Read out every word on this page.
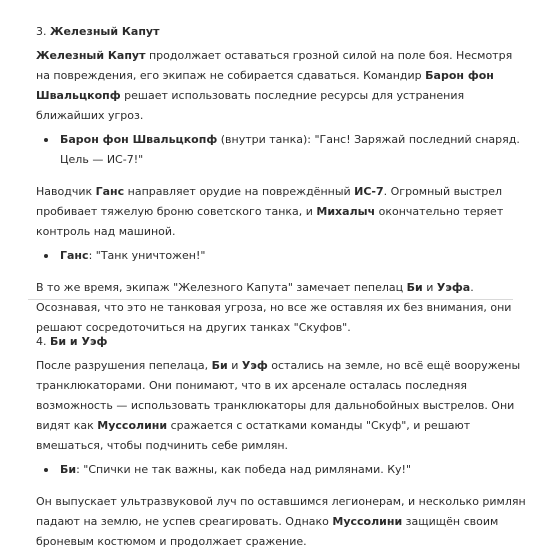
3. Железный Капут

Железный Капут продолжает оставаться грозной силой на поле боя. Несмотря на повреждения, его экипаж не собирается сдаваться. Командир Барон фон Швальцкопф решает использовать последние ресурсы для устранения ближайших угроз.

Барон фон Швальцкопф (внутри танка): "Ганс! Заряжай последний снаряд. Цель — ИС-7!"

Наводчик Ганс направляет орудие на повреждённый ИС-7. Огромный выстрел пробивает тяжелую броню советского танка, и Михалыч окончательно теряет контроль над машиной.

Ганс: "Танк уничтожен!"

В то же время, экипаж "Железного Капута" замечает пепелац Би и Уэфа. Осознавая, что это не танковая угроза, но все же оставляя их без внимания, они решают сосредоточиться на других танках "Скуфов".

4. Би и Уэф

После разрушения пепелаца, Би и Уэф остались на земле, но всё ещё вооружены транклюкаторами. Они понимают, что в их арсенале осталась последняя возможность — использовать транклюкаторы для дальнобойных выстрелов. Они видят как Муссолини сражается с остатками команды "Скуф", и решают вмешаться, чтобы подчинить себе римлян.

Би: "Спички не так важны, как победа над римлянами. Ку!"

Он выпускает ультразвуковой луч по оставшимся легионерам, и несколько римлян падают на землю, не успев среагировать. Однако Муссолини защищён своим броневым костюмом и продолжает сражение.
